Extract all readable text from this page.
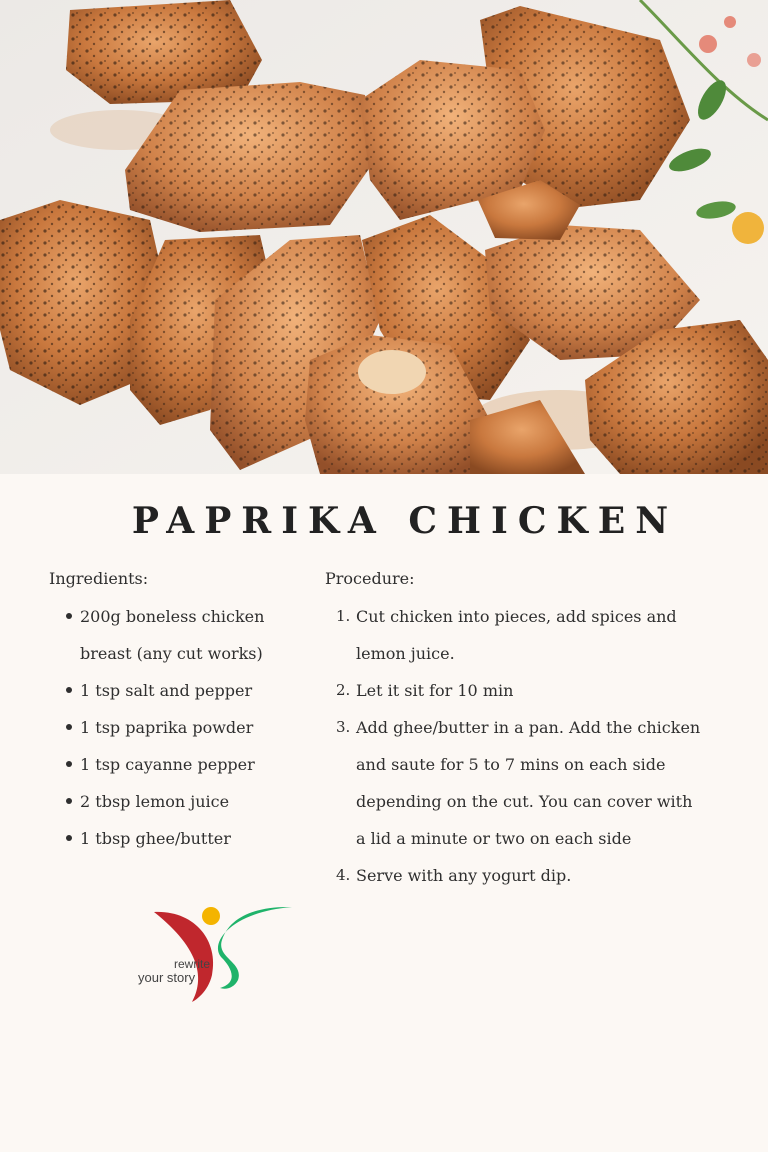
PAPRIKA CHICKEN
Ingredients:	Procedure:
200g boneless chicken breast (any cut works)
1 tsp salt and pepper
1 tsp paprika powder
1 tsp cayanne pepper
2 tbsp lemon juice
1 tbsp ghee/butter
1. Cut chicken into pieces, add spices and lemon juice.
2. Let it sit for 10 min
3. Add ghee/butter in a pan. Add the chicken and saute for 5 to 7 mins on each side depending on the cut. You can cover with a lid a minute or two on each side
4. Serve with any yogurt dip.
rewrite
your story
